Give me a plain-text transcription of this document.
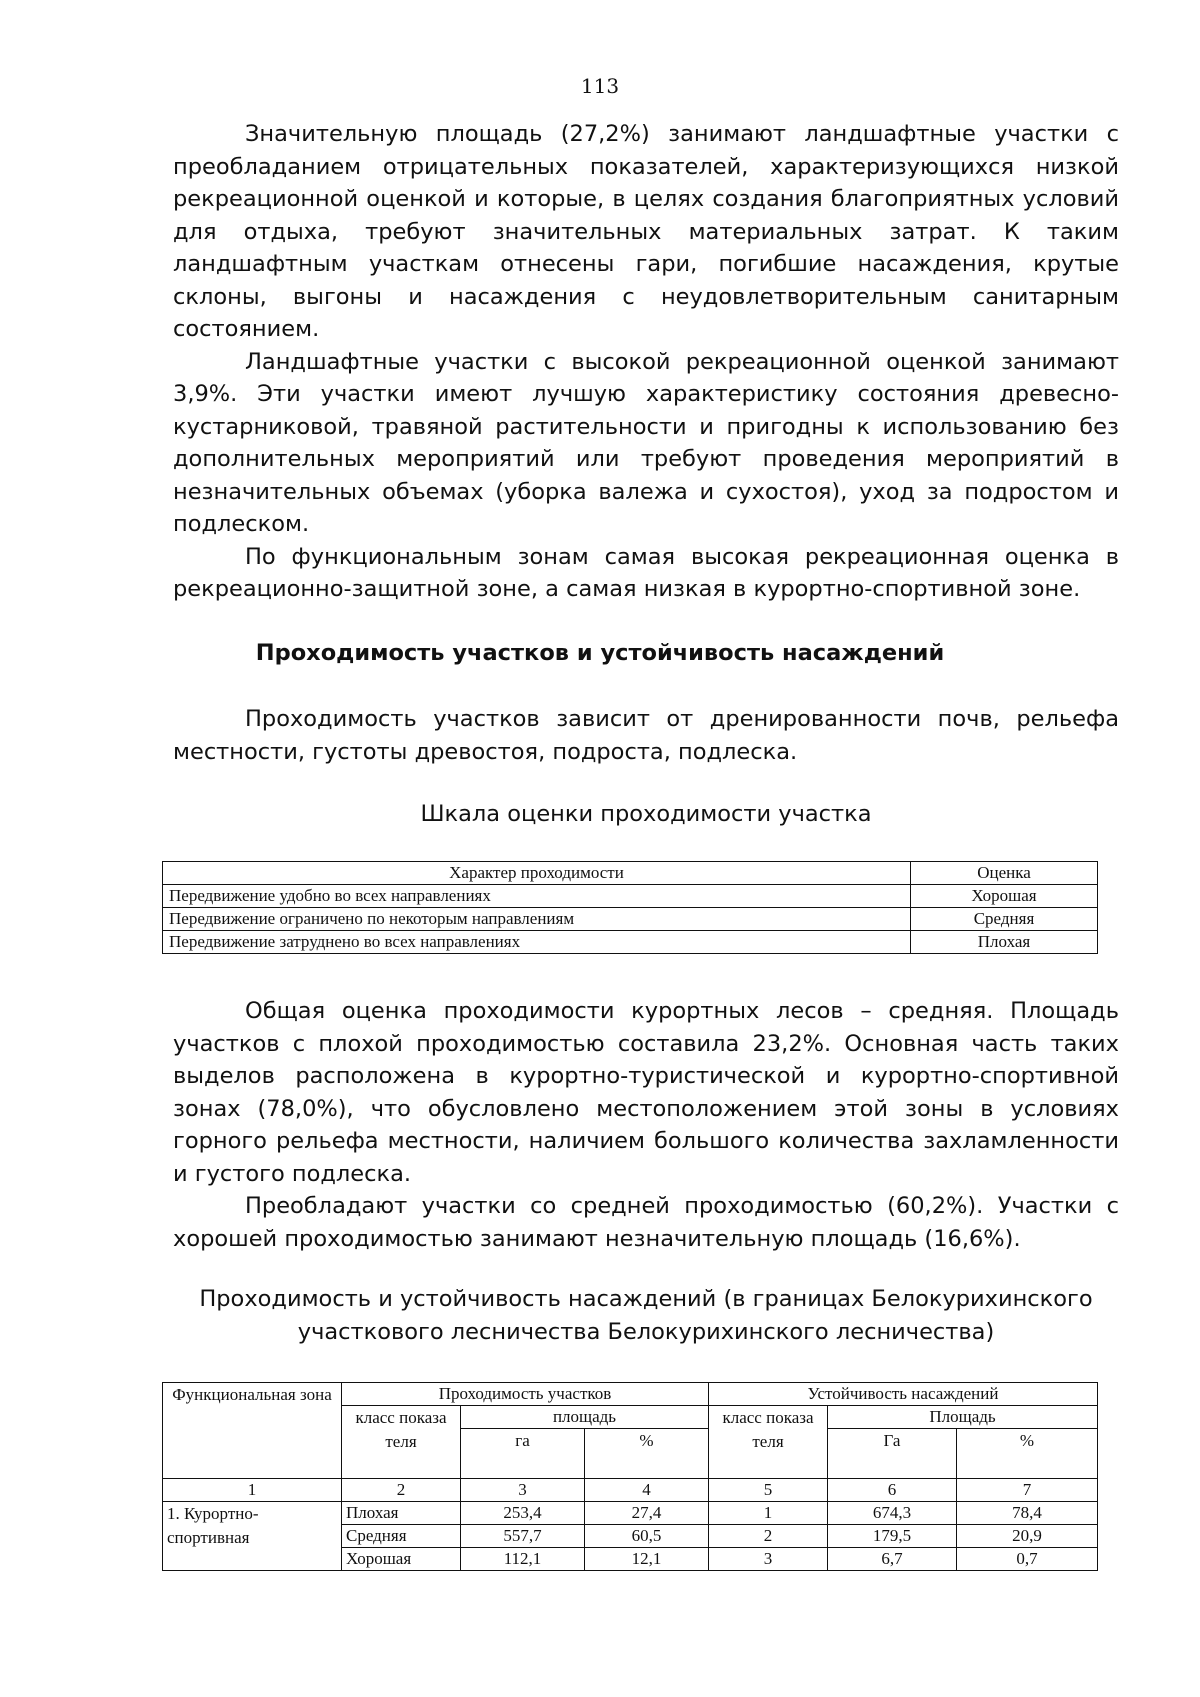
113

Значительную площадь (27,2%) занимают ландшафтные участки с преобладанием отрицательных показателей, характеризующихся низкой рекреационной оценкой и которые, в целях создания благоприятных условий для отдыха, требуют значительных материальных затрат. К таким ландшафтным участкам отнесены гари, погибшие насаждения, крутые склоны, выгоны и насаждения с неудовлетворительным санитарным состоянием.

Ландшафтные участки с высокой рекреационной оценкой занимают 3,9%. Эти участки имеют лучшую характеристику состояния древесно-кустарниковой, травяной растительности и пригодны к использованию без дополнительных мероприятий или требуют проведения мероприятий в незначительных объемах (уборка валежа и сухостоя), уход за подростом и подлеском.

По функциональным зонам самая высокая рекреационная оценка в рекреационно-защитной зоне, а самая низкая в курортно-спортивной зоне.

Проходимость участков и устойчивость насаждений

Проходимость участков зависит от дренированности почв, рельефа местности, густоты древостоя, подроста, подлеска.

Шкала оценки проходимости участка
Характер проходимости	Оценка
Передвижение удобно во всех направлениях	Хорошая
Передвижение ограничено по некоторым направлениям	Средняя
Передвижение затруднено во всех направлениях	Плохая

Общая оценка проходимости курортных лесов – средняя. Площадь участков с плохой проходимостью составила 23,2%. Основная часть таких выделов расположена в курортно-туристической и курортно-спортивной зонах (78,0%), что обусловлено местоположением этой зоны в условиях горного рельефа местности, наличием большого количества захламленности и густого подлеска.

Преобладают участки со средней проходимостью (60,2%). Участки с хорошей проходимостью занимают незначительную площадь (16,6%).

Проходимость и устойчивость насаждений (в границах Белокурихинского
участкового лесничества Белокурихинского лесничества)
Функциональная зона	Проходимость участков			Устойчивость насаждений		
	класс показа теля	площадь		класс показа теля	Площадь	
		га	%		Га	%
1	2	3	4	5	6	7
1. Курортно-спортивная	Плохая	253,4	27,4	1	674,3	78,4
	Средняя	557,7	60,5	2	179,5	20,9
	Хорошая	112,1	12,1	3	6,7	0,7
